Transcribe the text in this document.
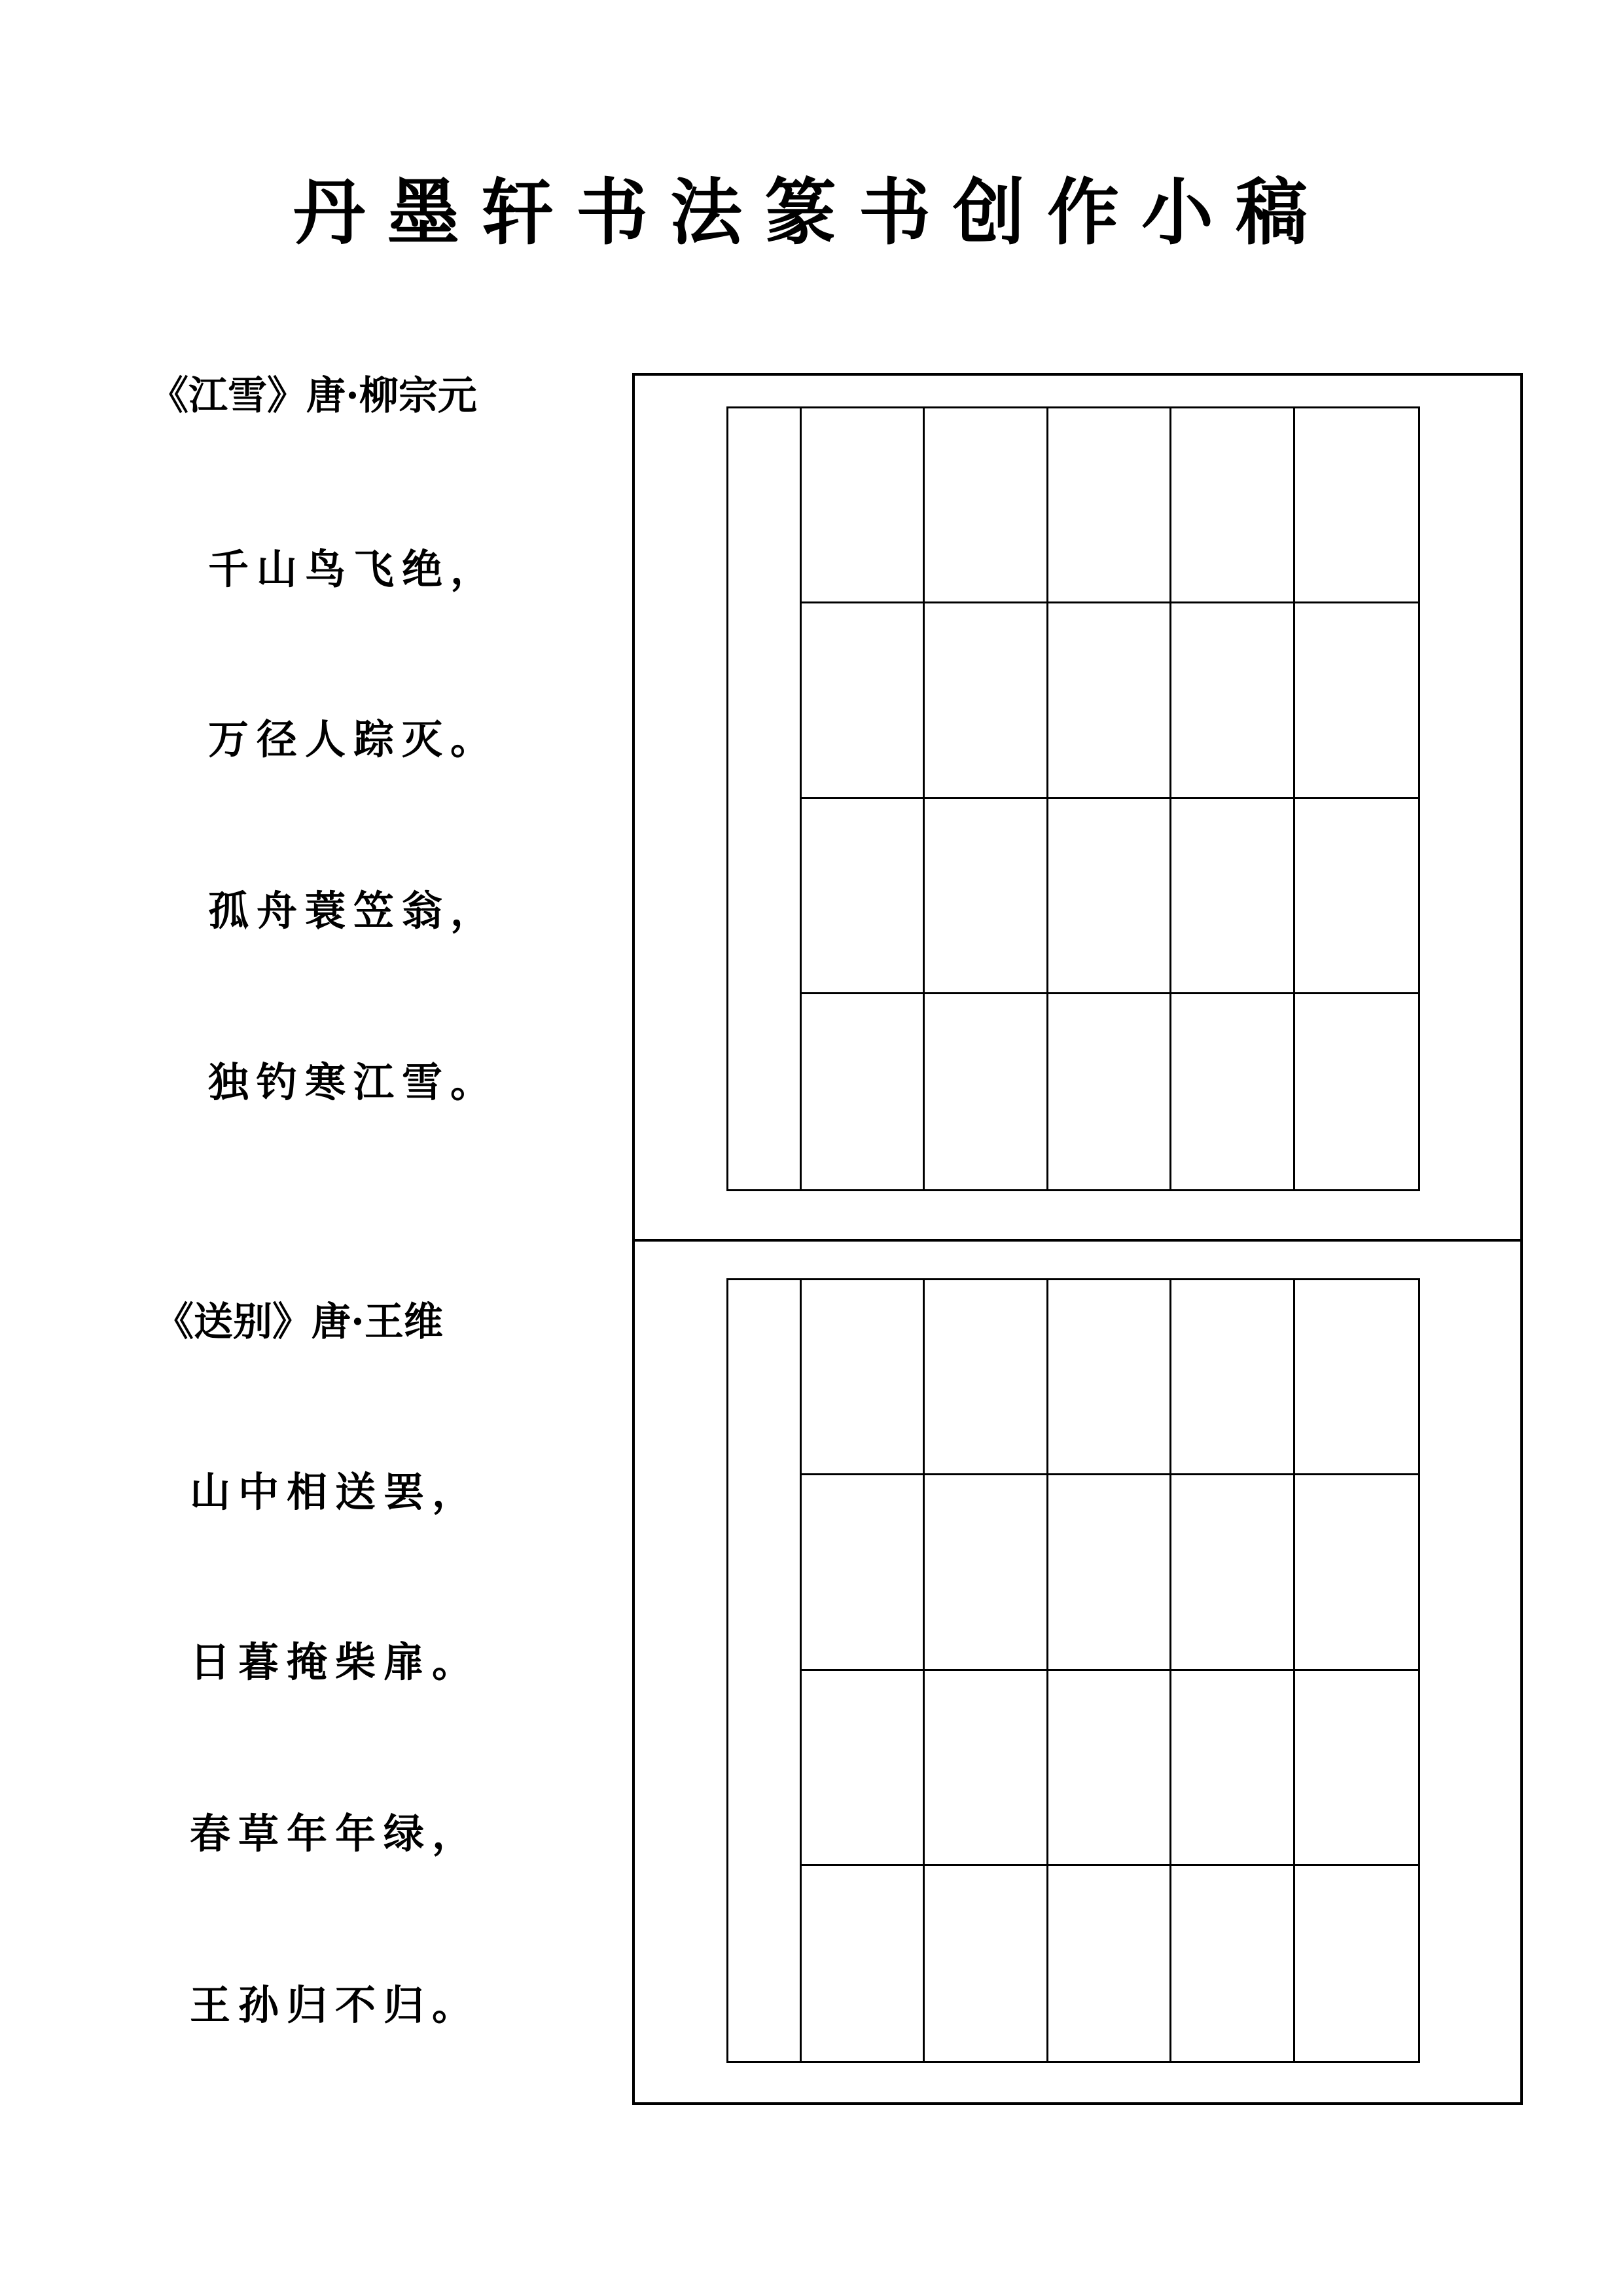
丹墨轩书法篆书创作小稿
《江雪》唐·柳宗元
千山鸟飞绝，
万径人踪灭。
孤舟蓑笠翁，
独钓寒江雪。
《送别》唐·王维
山中相送罢，
日暮掩柴扉。
春草年年绿，
王孙归不归。
